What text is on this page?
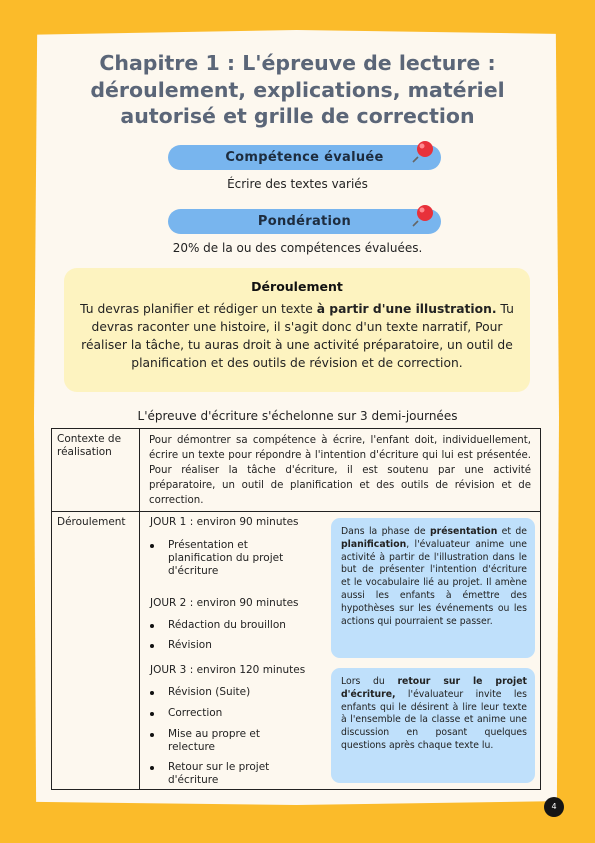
Chapitre 1 : L'épreuve de lecture :
déroulement, explications, matériel
autorisé et grille de correction
Compétence évaluée
Écrire des textes variés
Pondération
20% de la ou des compétences évaluées.
Déroulement
Tu devras planifier et rédiger un texte à partir d'une illustration. Tu devras raconter une histoire, il s'agit donc d'un texte narratif, Pour réaliser la tâche, tu auras droit à une activité préparatoire, un outil de planification et des outils de révision et de correction.
L'épreuve d'écriture s'échelonne sur 3 demi-journées
Contexte de réalisation
Pour démontrer sa compétence à écrire, l'enfant doit, individuellement, écrire un texte pour répondre à l'intention d'écriture qui lui est présentée. Pour réaliser la tâche d'écriture, il est soutenu par une activité préparatoire, un outil de planification et des outils de révision et de correction.
Déroulement	JOUR 1 : environ 90 minutes
Présentation et planification du projet d'écriture
JOUR 2 : environ 90 minutes
Rédaction du brouillon
Révision
JOUR 3 : environ 120 minutes
Révision (Suite)
Correction
Mise au propre et relecture
Retour sur le projet d'écriture
Dans la phase de présentation et de planification, l'évaluateur anime une activité à partir de l'illustration dans le but de présenter l'intention d'écriture et le vocabulaire lié au projet. Il amène aussi les enfants à émettre des hypothèses sur les événements ou les actions qui pourraient se passer.
Lors du retour sur le projet d'écriture, l'évaluateur invite les enfants qui le désirent à lire leur texte à l'ensemble de la classe et anime une discussion en posant quelques questions après chaque texte lu.
4
